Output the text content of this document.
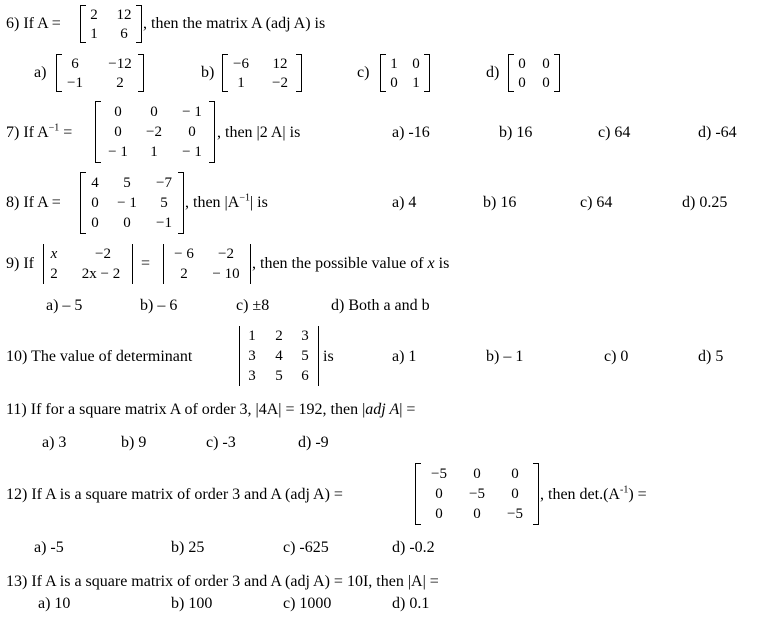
6) If A =	2	12
1	6
, then the matrix A (adj A) is
a)	6	−12
−1	2
b)	−6	12
1	−2
c)	1 0
0 1
d)	0	0
0	0
7) If $A^{-1}$ =
0	0	− 1
0	−2	0
− 1	1	− 1
, then |2 A| is	a) -16	b) 16	c) 64	d) -64
8) If A =
4	5	−7
0	− 1	5
0	0	−1
, then $|A^{-1}|$ is	a) 4	b) 16	c) 64	d) 0.25
9) If
x	−2
2	2x − 2
=
− 6	−2
2	− 10
, then the possible value of x is
a) – 5	b) – 6	c) ±8	d) Both a and b
10) The value of determinant
1	2	3
3	4	5
3	5	6
is	a) 1	b) – 1	c) 0	d) 5
11) If for a square matrix A of order 3, |4A| = 192, then |adj A| =
a) 3	b) 9	c) -3	d) -9
12) If A is a square matrix of order 3 and A (adj A) =
−5	0	0
0	−5	0
0	0	−5
, then $\det.(A^{-1})$ =
a) -5	b) 25	c) -625	d) -0.2
13) If A is a square matrix of order 3 and A (adj A) = 10I, then |A| =
a) 10	b) 100	c) 1000	d) 0.1
